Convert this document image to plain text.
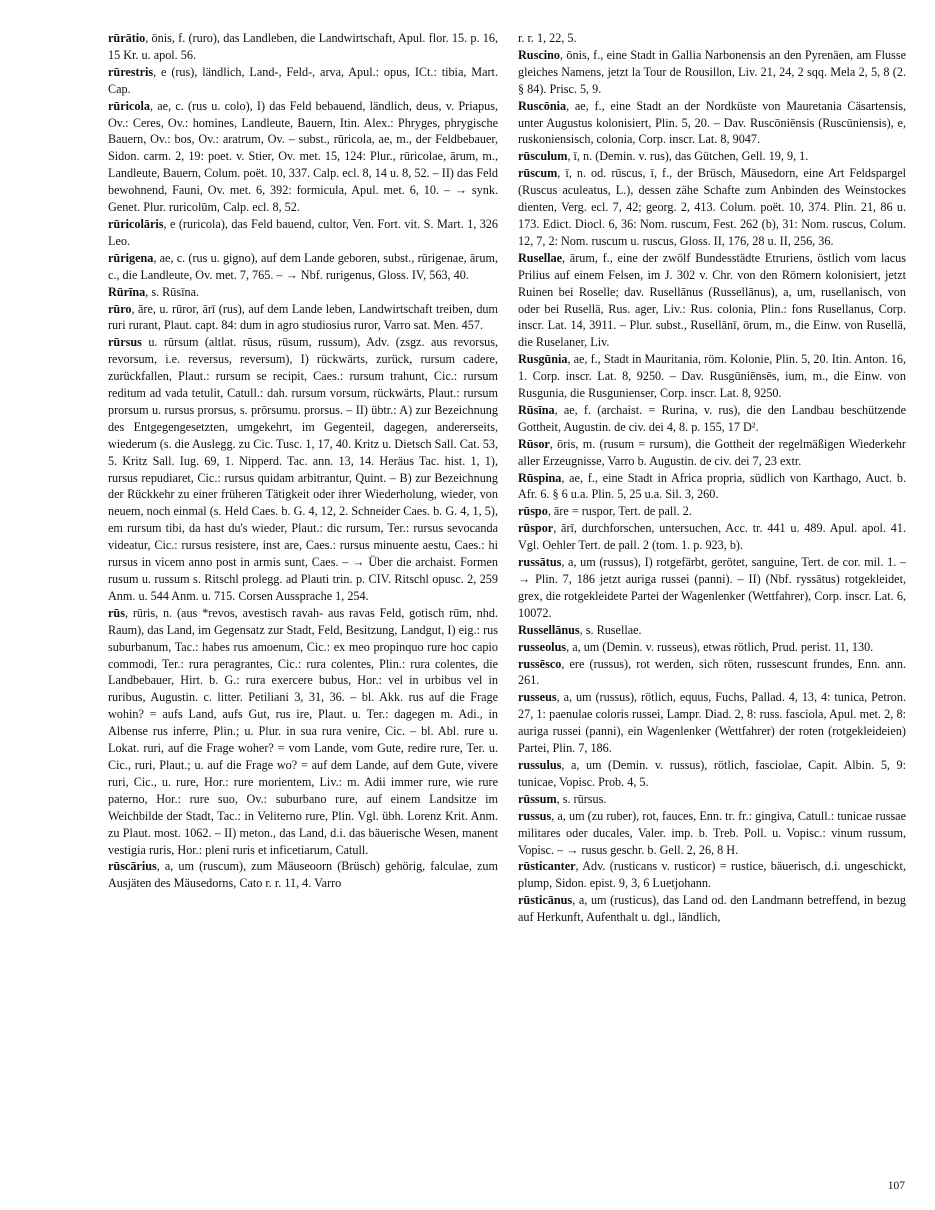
rūrātio, ōnis, f. (ruro), das Landleben, die Landwirtschaft, Apul. flor. 15. p. 16, 15 Kr. u. apol. 56.
rūrestris, e (rus), ländlich, Land-, Feld-, arva, Apul.: opus, ICt.: tibia, Mart. Cap.
rūricola, ae, c. (rus u. colo), I) das Feld bebauend, ländlich, deus, v. Priapus, Ov.: Ceres, Ov.: homines, Landleute, Bauern, Itin. Alex.: Phryges, phrygische Bauern, Ov.: bos, Ov.: aratrum, Ov. – subst., rūricola, ae, m., der Feldbebauer, Sidon. carm. 2, 19: poet. v. Stier, Ov. met. 15, 124: Plur., rūricolae, ārum, m., Landleute, Bauern, Colum. poët. 10, 337. Calp. ecl. 8, 14 u. 8, 52. – II) das Feld bewohnend, Fauni, Ov. met. 6, 392: formicula, Apul. met. 6, 10. – → synk. Genet. Plur. ruricolūm, Calp. ecl. 8, 52.
rūricolāris, e (ruricola), das Feld bauend, cultor, Ven. Fort. vit. S. Mart. 1, 326 Leo.
rūrigena, ae, c. (rus u. gigno), auf dem Lande geboren, subst., rūrigenae, ārum, c., die Landleute, Ov. met. 7, 765. – → Nbf. rurigenus, Gloss. IV, 563, 40.
Rūrīna, s. Rūsīna.
rūro, āre, u. rūror, ārī (rus), auf dem Lande leben, Landwirtschaft treiben, dum ruri rurant, Plaut. capt. 84: dum in agro studiosius ruror, Varro sat. Men. 457.
rūrsus u. rūrsum (altlat. rūsus, rūsum, russum), Adv. (zsgz. aus revorsus, revorsum, i.e. reversus, reversum), I) rückwärts, zurück, rursum cadere, zurückfallen, Plaut.: rursum se recipit, Caes.: rursum trahunt, Cic.: rursum reditum ad vada tetulit, Catull.: dah. rursum vorsum, rückwärts, Plaut.: rursum prorsum u. rursus prorsus, s. prōrsumu. prorsus. – II) übtr.: A) zur Bezeichnung des Entgegengesetzten, umgekehrt, im Gegenteil, dagegen, andererseits, wiederum (s. die Auslegg. zu Cic. Tusc. 1, 17, 40. Kritz u. Dietsch Sall. Cat. 53, 5. Kritz Sall. Iug. 69, 1. Nipperd. Tac. ann. 13, 14. Heräus Tac. hist. 1, 1), rursus repudiaret, Cic.: rursus quidam arbitrantur, Quint. – B) zur Bezeichnung der Rückkehr zu einer früheren Tätigkeit oder ihrer Wiederholung, wieder, von neuem, noch einmal (s. Held Caes. b. G. 4, 12, 2. Schneider Caes. b. G. 4, 1, 5), em rursum tibi, da hast du's wieder, Plaut.: dic rursum, Ter.: rursus sevocanda videatur, Cic.: rursus resistere, inst are, Caes.: rursus minuente aestu, Caes.: hi rursus in vicem anno post in armis sunt, Caes. – → Über die archaist. Formen rusum u. russum s. Ritschl prolegg. ad Plauti trin. p. CIV. Ritschl opusc. 2, 259 Anm. u. 544 Anm. u. 715. Corsen Aussprache 1, 254.
rūs, rūris, n. (aus *revos, avestisch ravah- aus ravas Feld, gotisch rūm, nhd. Raum), das Land, im Gegensatz zur Stadt, Feld, Besitzung, Landgut, I) eig.: rus suburbanum, Tac.: habes rus amoenum, Cic.: ex meo propinquo rure hoc capio commodi, Ter.: rura peragrantes, Cic.: rura colentes, Plin.: rura colentes, die Landbebauer, Hirt. b. G.: rura exercere bubus, Hor.: vel in urbibus vel in ruribus, Augustin. c. litter. Petiliani 3, 31, 36. – bl. Akk. rus auf die Frage wohin? = aufs Land, aufs Gut, rus ire, Plaut. u. Ter.: dagegen m. Adi., in Albense rus inferre, Plin.; u. Plur. in sua rura venire, Cic. – bl. Abl. rure u. Lokat. ruri, auf die Frage woher? = vom Lande, vom Gute, redire rure, Ter. u. Cic., ruri, Plaut.; u. auf die Frage wo? = auf dem Lande, auf dem Gute, vivere ruri, Cic., u. rure, Hor.: rure morientem, Liv.: m. Adii immer rure, wie rure paterno, Hor.: rure suo, Ov.: suburbano rure, auf einem Landsitze im Weichbilde der Stadt, Tac.: in Veliterno rure, Plin. Vgl. übh. Lorenz Krit. Anm. zu Plaut. most. 1062. – II) meton., das Land, d.i. das bäuerische Wesen, manent vestigia ruris, Hor.: pleni ruris et inficetiarum, Catull.
rūscārius, a, um (ruscum), zum Mäuseoorn (Brüsch) gehörig, falculae, zum Ausjäten des Mäusedorns, Cato r. r. 11, 4. Varro
r. r. 1, 22, 5.
Ruscino, ōnis, f., eine Stadt in Gallia Narbonensis an den Pyrenäen, am Flusse gleiches Namens, jetzt la Tour de Rousillon, Liv. 21, 24, 2 sqq. Mela 2, 5, 8 (2. § 84). Prisc. 5, 9.
Ruscōnia, ae, f., eine Stadt an der Nordküste von Mauretania Cäsartensis, unter Augustus kolonisiert, Plin. 5, 20. – Dav. Ruscōniēnsis (Ruscūniensis), e, ruskoniensisch, colonia, Corp. inscr. Lat. 8, 9047.
rūsculum, ī, n. (Demin. v. rus), das Gütchen, Gell. 19, 9, 1.
rūscum, ī, n. od. rūscus, ī, f., der Brüsch, Mäusedorn, eine Art Feldspargel (Ruscus aculeatus, L.), dessen zähe Schafte zum Anbinden des Weinstockes dienten, Verg. ecl. 7, 42; georg. 2, 413. Colum. poët. 10, 374. Plin. 21, 86 u. 173. Edict. Diocl. 6, 36: Nom. ruscum, Fest. 262 (b), 31: Nom. ruscus, Colum. 12, 7, 2: Nom. ruscum u. ruscus, Gloss. II, 176, 28 u. II, 256, 36.
Rusellae, ārum, f., eine der zwölf Bundesstädte Etruriens, östlich vom lacus Prilius auf einem Felsen, im J. 302 v. Chr. von den Römern kolonisiert, jetzt Ruinen bei Roselle; dav. Rusellānus (Russellānus), a, um, rusellanisch, von oder bei Rusellä, Rus. ager, Liv.: Rus. colonia, Plin.: fons Rusellanus, Corp. inscr. Lat. 14, 3911. – Plur. subst., Rusellānī, ōrum, m., die Einw. von Rusellä, die Ruselaner, Liv.
Rusgūnia, ae, f., Stadt in Mauritania, röm. Kolonie, Plin. 5, 20. Itin. Anton. 16, 1. Corp. inscr. Lat. 8, 9250. – Dav. Rusgūniēnsēs, ium, m., die Einw. von Rusgunia, die Rusgunienser, Corp. inscr. Lat. 8, 9250.
Rūsīna, ae, f. (archaist. = Rurina, v. rus), die den Landbau beschützende Gottheit, Augustin. de civ. dei 4, 8. p. 155, 17 D².
Rūsor, ōris, m. (rusum = rursum), die Gottheit der regelmäßigen Wiederkehr aller Erzeugnisse, Varro b. Augustin. de civ. dei 7, 23 extr.
Rūspina, ae, f., eine Stadt in Africa propria, südlich von Karthago, Auct. b. Afr. 6. § 6 u.a. Plin. 5, 25 u.a. Sil. 3, 260.
rūspo, āre = ruspor, Tert. de pall. 2.
rūspor, ārī, durchforschen, untersuchen, Acc. tr. 441 u. 489. Apul. apol. 41. Vgl. Oehler Tert. de pall. 2 (tom. 1. p. 923, b).
russātus, a, um (russus), I) rotgefärbt, gerötet, sanguine, Tert. de cor. mil. 1. – → Plin. 7, 186 jetzt auriga russei (panni). – II) (Nbf. ryssātus) rotgekleidet, grex, die rotgekleidete Partei der Wagenlenker (Wettfahrer), Corp. inscr. Lat. 6, 10072.
Russellānus, s. Rusellae.
russeolus, a, um (Demin. v. russeus), etwas rötlich, Prud. perist. 11, 130.
russēsco, ere (russus), rot werden, sich röten, russescunt frundes, Enn. ann. 261.
russeus, a, um (russus), rötlich, equus, Fuchs, Pallad. 4, 13, 4: tunica, Petron. 27, 1: paenulae coloris russei, Lampr. Diad. 2, 8: russ. fasciola, Apul. met. 2, 8: auriga russei (panni), ein Wagenlenker (Wettfahrer) der roten (rotgekleideien) Partei, Plin. 7, 186.
russulus, a, um (Demin. v. russus), rötlich, fasciolae, Capit. Albin. 5, 9: tunicae, Vopisc. Prob. 4, 5.
rūssum, s. rūrsus.
russus, a, um (zu ruber), rot, fauces, Enn. tr. fr.: gingiva, Catull.: tunicae russae militares oder ducales, Valer. imp. b. Treb. Poll. u. Vopisc.: vinum russum, Vopisc. – → rusus geschr. b. Gell. 2, 26, 8 H.
rūsticanter, Adv. (rusticans v. rusticor) = rustice, bäuerisch, d.i. ungeschickt, plump, Sidon. epist. 9, 3, 6 Luetjohann.
rūsticānus, a, um (rusticus), das Land od. den Landmann betreffend, in bezug auf Herkunft, Aufenthalt u. dgl., ländlich,
107
